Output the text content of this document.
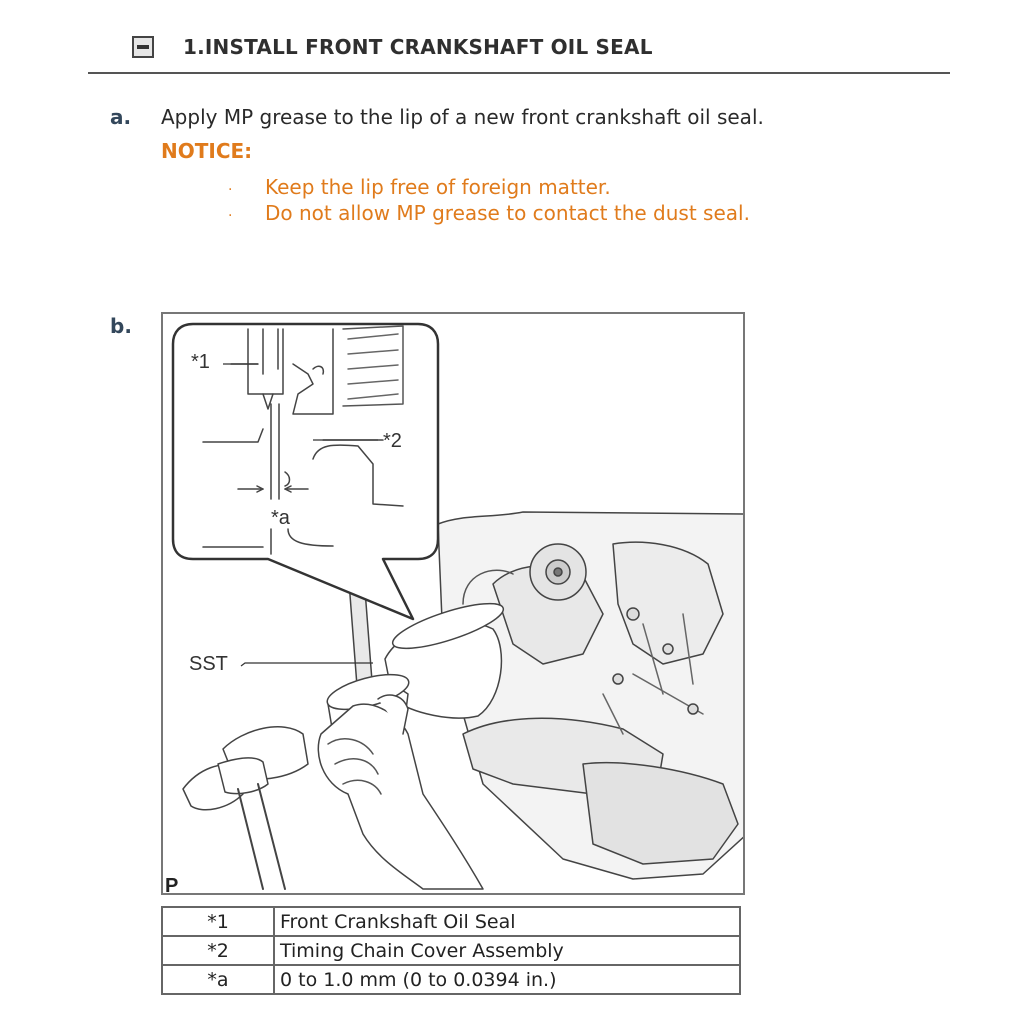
1.INSTALL FRONT CRANKSHAFT OIL SEAL
a. Apply MP grease to the lip of a new front crankshaft oil seal.
NOTICE:
· Keep the lip free of foreign matter.
· Do not allow MP grease to contact the dust seal.
b.
*1
*2
*a
SST
P
*1	Front Crankshaft Oil Seal
*2	Timing Chain Cover Assembly
*a	0 to 1.0 mm (0 to 0.0394 in.)
